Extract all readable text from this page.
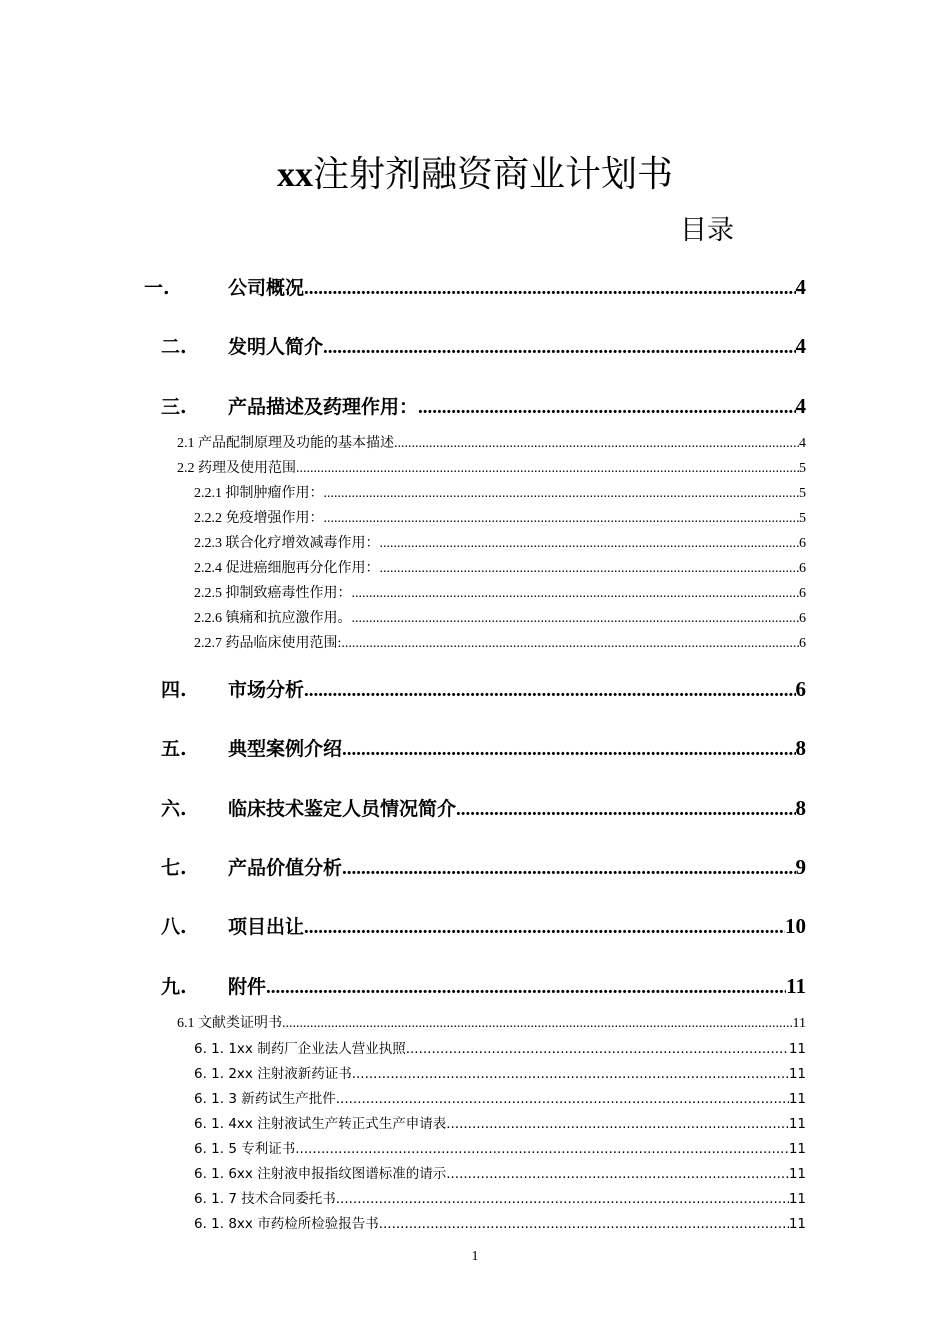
xx注射剂融资商业计划书
目录
一.	公司概况 .....	4
二. 发明人简介 .....	4
三. 产品描述及药理作用： .....	4
2.1 产品配制原理及功能的基本描述 .....	4
2.2 药理及使用范围 .....	5
2.2.1 抑制肿瘤作用： .....	5
2.2.2 免疫增强作用： .....	5
2.2.3 联合化疗增效减毒作用： .....	6
2.2.4 促进癌细胞再分化作用： .....	6
2.2.5 抑制致癌毒性作用： .....	6
2.2.6 镇痛和抗应激作用。 .....	6
2.2.7 药品临床使用范围: .....	6
四. 市场分析 .....	6
五. 典型案例介绍 .....	8
六. 临床技术鉴定人员情况简介 .....	8
七. 产品价值分析 .....	9
八. 项目出让 .....	10
九. 附件 .....	11
6.1 文献类证明书 .....	11
6. 1. 1xx 制药厂企业法人营业执照 .....	11
6. 1. 2xx 注射液新药证书 .....	11
6. 1. 3 新药试生产批件 .....	11
6. 1. 4xx 注射液试生产转正式生产申请表 .....	11
6. 1. 5 专利证书 .....	11
6. 1. 6xx 注射液申报指纹图谱标准的请示 .....	11
6. 1. 7 技术合同委托书 .....	11
6. 1. 8xx 市药检所检验报告书 .....	11
1
